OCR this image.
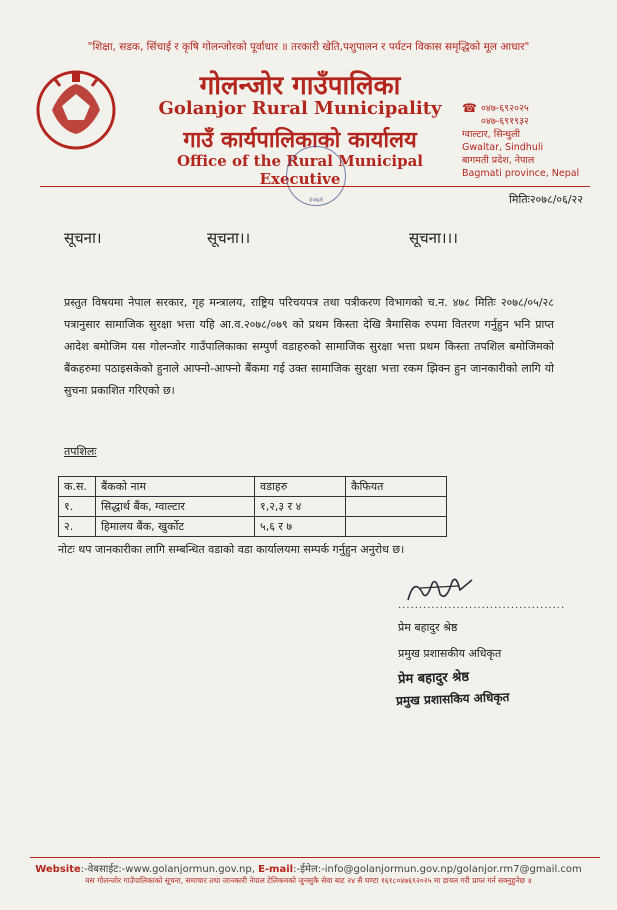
"शिक्षा, सडक, सिंचाई र कृषि गोलन्जोरको पूर्वाधार ॥ तरकारी खेति,पशुपालन र पर्यटन विकास समृद्धिको मूल आधार"
गोलन्जोर गाउँपालिका
Golanjor Rural Municipality
गाउँ कार्यपालिकाको कार्यालय
Office of the Rural Municipal Executive
२०७१
☎ ०४७-६९२०२५
०४७-६९१९३२
ग्वाल्टार, सिन्धुली
Gwaltar, Sindhuli
बागमती प्रदेश, नेपाल
Bagmati province, Nepal
मितिः२०७८/०६/२२
सूचना।	सूचना।।	सूचना।।।
प्रस्तुत विषयमा नेपाल सरकार, गृह मन्त्रालय, राष्ट्रिय परिचयपत्र तथा पत्रीकरण विभागको च.न. ४७८ मितिः २०७८/०५/२८ पत्रानुसार सामाजिक सुरक्षा भत्ता यहि आ.व.२०७८/०७९ को प्रथम किस्ता देखि त्रैमासिक रुपमा वितरण गर्नुहुन भनि प्राप्त आदेश बमोजिम यस गोलन्जोर गाउँपालिकाका सम्पुर्ण वडाहरुको सामाजिक सुरक्षा भत्ता प्रथम किस्ता तपशिल बमोजिमको बैंकहरुमा पठाइसकेको हुनाले आफ्नो-आफ्नो बैंकमा गई उक्त सामाजिक सुरक्षा भत्ता रकम झिक्न हुन जानकारीको लागि यो सुचना प्रकाशित गरिएको छ।
तपशिलः
क.स.	बैंकको नाम	वडाहरु	कैफियत
१.	सिद्धार्थ बैंक, ग्वाल्टार	१,२,३ र ४	
२.	हिमालय बैंक, खुर्कोट	५,६ र ७	
नोटः थप जानकारीका लागि सम्बन्धित वडाको वडा कार्यालयमा सम्पर्क गर्नुहुन अनुरोध छ।
........................................
प्रेम बहादुर श्रेष्ठ
प्रमुख प्रशासकीय अधिकृत
प्रेम बहादुर श्रेष्ठ
प्रमुख प्रशासकिय अधिकृत
Website:-वेबसाईट:-www.golanjormun.gov.np, E-mail:-ईमेल:-info@golanjormun.gov.np/golanjor.rm7@gmail.com
यस गोलन्जोर गाउँपालिकाको सूचना, समाचार तथा जानकारी नेपाल टेलिकमको जुनसुकै सेवा बाट २४ सै घण्टा १६१८०४७६९२०२५ मा डायल गरी प्राप्त गर्न सक्नुहुनेछ ॥
